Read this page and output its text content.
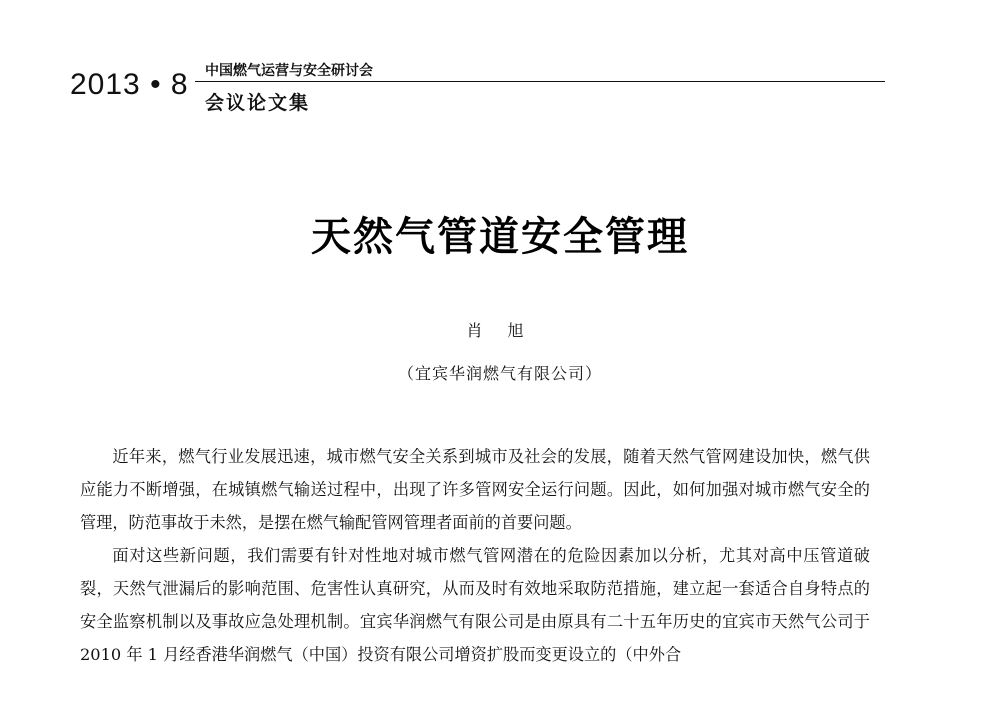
2013 • 8 中国燃气运营与安全研讨会
会议论文集
天然气管道安全管理
肖 旭
（宜宾华润燃气有限公司）

近年来，燃气行业发展迅速，城市燃气安全关系到城市及社会的发展，随着天然气管网建设加快，燃气供应能力不断增强，在城镇燃气输送过程中，出现了许多管网安全运行问题。因此，如何加强对城市燃气安全的管理，防范事故于未然，是摆在燃气输配管网管理者面前的首要问题。

面对这些新问题，我们需要有针对性地对城市燃气管网潜在的危险因素加以分析，尤其对高中压管道破裂，天然气泄漏后的影响范围、危害性认真研究，从而及时有效地采取防范措施，建立起一套适合自身特点的安全监察机制以及事故应急处理机制。宜宾华润燃气有限公司是由原具有二十五年历史的宜宾市天然气公司于 2010 年 1 月经香港华润燃气（中国）投资有限公司增资扩股而变更设立的（中外合
